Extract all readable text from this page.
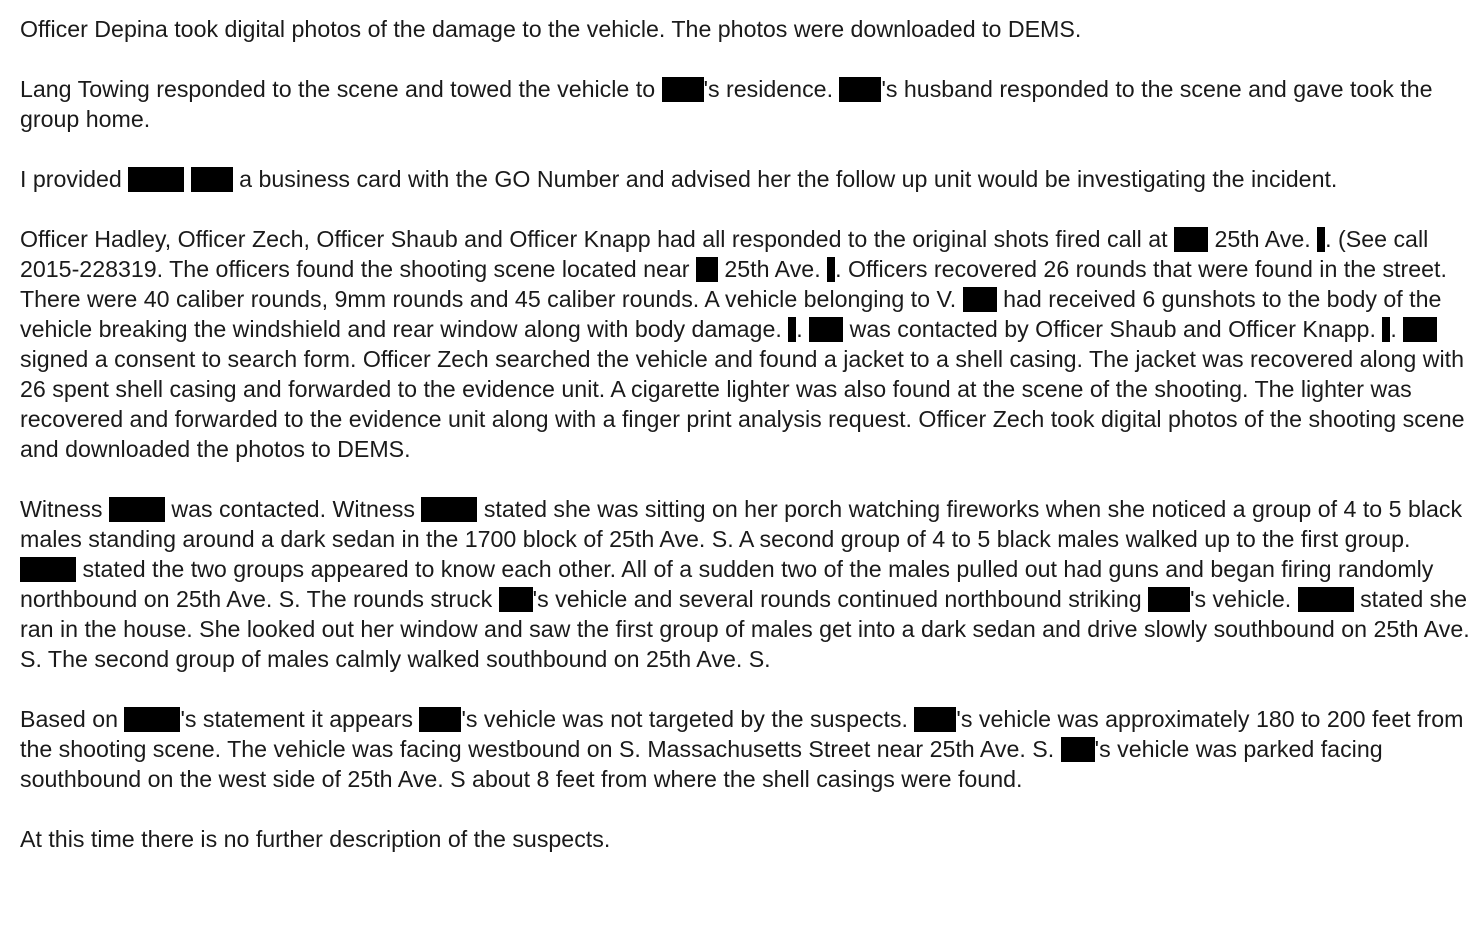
Officer Depina took digital photos of the damage to the vehicle. The photos were downloaded to DEMS.

Lang Towing responded to the scene and towed the vehicle to 's residence. 's husband responded to the scene and gave took the group home.

I provided	a business card with the GO Number and advised her the follow up unit would be investigating the incident.

Officer Hadley, Officer Zech, Officer Shaub and Officer Knapp had all responded to the original shots fired call at  25th Ave. . (See call 2015-228319. The officers found the shooting scene located near  25th Ave. . Officers recovered 26 rounds that were found in the street. There were 40 caliber rounds, 9mm rounds and 45 caliber rounds. A vehicle belonging to V.  had received 6 gunshots to the body of the vehicle breaking the windshield and rear window along with body damage. .  was contacted by Officer Shaub and Officer Knapp. .  signed a consent to search form. Officer Zech searched the vehicle and found a jacket to a shell casing. The jacket was recovered along with 26 spent shell casing and forwarded to the evidence unit. A cigarette lighter was also found at the scene of the shooting. The lighter was recovered and forwarded to the evidence unit along with a finger print analysis request. Officer Zech took digital photos of the shooting scene and downloaded the photos to DEMS.

Witness  was contacted. Witness  stated she was sitting on her porch watching fireworks when she noticed a group of 4 to 5 black males standing around a dark sedan in the 1700 block of 25th Ave. S. A second group of 4 to 5 black males walked up to the first group.  stated the two groups appeared to know each other. All of a sudden two of the males pulled out had guns and began firing randomly northbound on 25th Ave. S. The rounds struck 's vehicle and several rounds continued northbound striking 's vehicle.  stated she ran in the house. She looked out her window and saw the first group of males get into a dark sedan and drive slowly southbound on 25th Ave. S. The second group of males calmly walked southbound on 25th Ave. S.

Based on 's statement it appears 's vehicle was not targeted by the suspects. 's vehicle was approximately 180 to 200 feet from the shooting scene. The vehicle was facing westbound on S. Massachusetts Street near 25th Ave. S. 's vehicle was parked facing southbound on the west side of 25th Ave. S about 8 feet from where the shell casings were found.

At this time there is no further description of the suspects.
